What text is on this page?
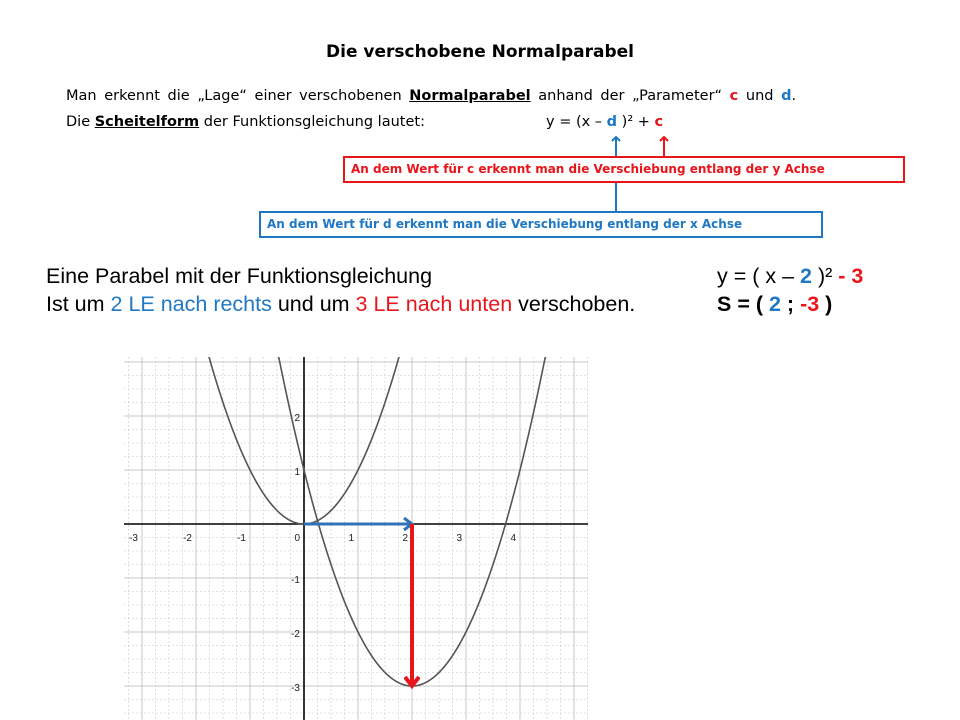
Die verschobene Normalparabel
Man erkennt die „Lage“ einer verschobenen Normalparabel anhand der „Parameter“ c und d.
Die Scheitelform der Funktionsgleichung lautet:	y = (x – d )² + c
An dem Wert für c erkennt man die Verschiebung entlang der y Achse
An dem Wert für d erkennt man die Verschiebung entlang der x Achse
Eine Parabel mit der Funktionsgleichung
Ist um 2 LE nach rechts und um 3 LE nach unten verschoben.
y = ( x – 2 )² - 3
S = ( 2 ; -3 )
-3	-2	-1	0	1	2	3	4
-3
-2
-1
1
2
